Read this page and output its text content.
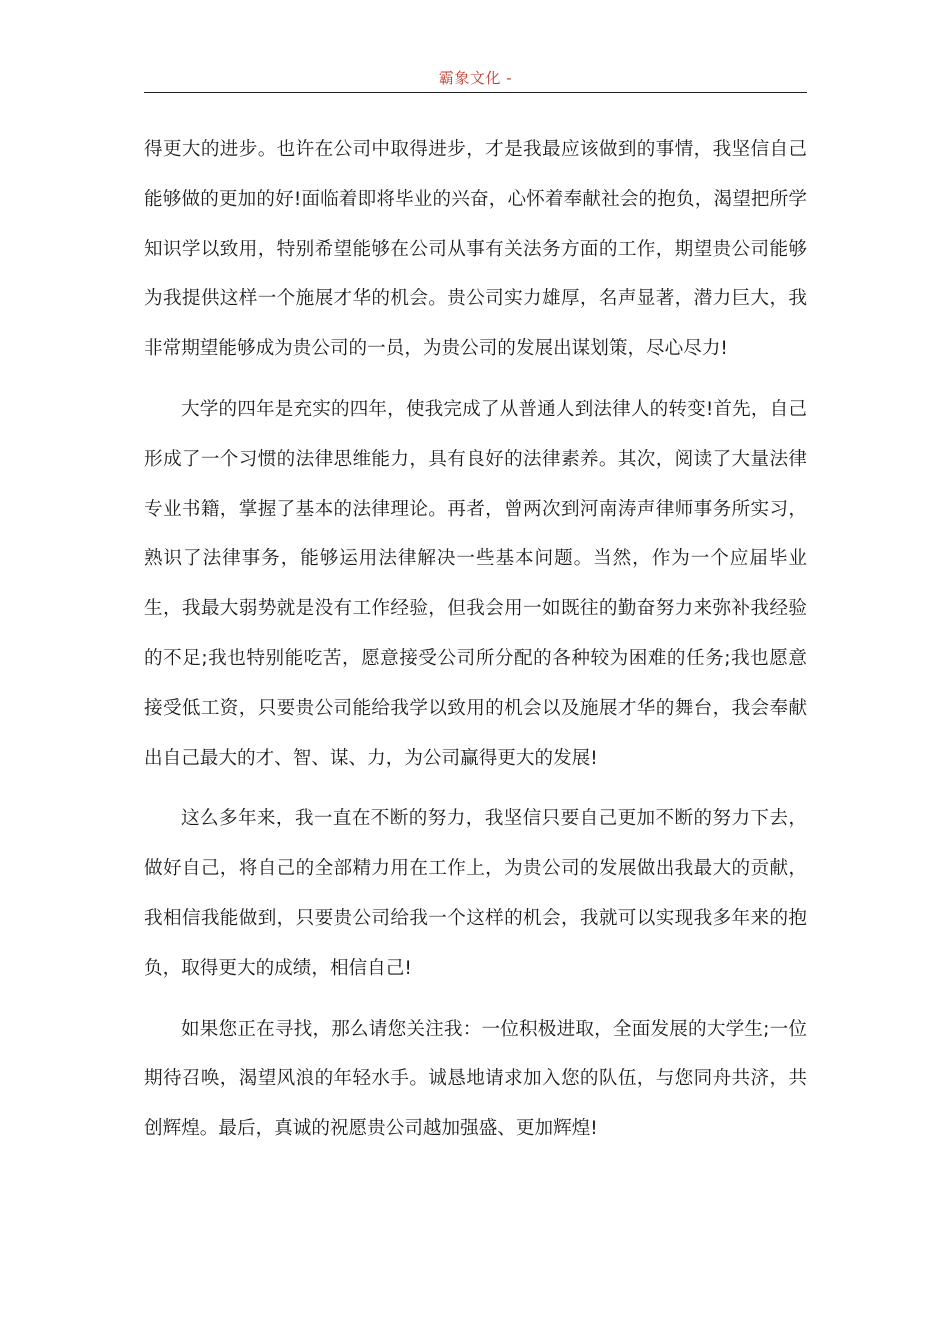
霸象文化 -

得更大的进步。也许在公司中取得进步，才是我最应该做到的事情，我坚信自己能够做的更加的好!面临着即将毕业的兴奋，心怀着奉献社会的抱负，渴望把所学知识学以致用，特别希望能够在公司从事有关法务方面的工作，期望贵公司能够为我提供这样一个施展才华的机会。贵公司实力雄厚，名声显著，潜力巨大，我非常期望能够成为贵公司的一员，为贵公司的发展出谋划策，尽心尽力!

大学的四年是充实的四年，使我完成了从普通人到法律人的转变!首先，自己形成了一个习惯的法律思维能力，具有良好的法律素养。其次，阅读了大量法律专业书籍，掌握了基本的法律理论。再者，曾两次到河南涛声律师事务所实习，熟识了法律事务，能够运用法律解决一些基本问题。当然，作为一个应届毕业生，我最大弱势就是没有工作经验，但我会用一如既往的勤奋努力来弥补我经验的不足;我也特别能吃苦，愿意接受公司所分配的各种较为困难的任务;我也愿意接受低工资，只要贵公司能给我学以致用的机会以及施展才华的舞台，我会奉献出自己最大的才、智、谋、力，为公司赢得更大的发展!

这么多年来，我一直在不断的努力，我坚信只要自己更加不断的努力下去，做好自己，将自己的全部精力用在工作上，为贵公司的发展做出我最大的贡献，我相信我能做到，只要贵公司给我一个这样的机会，我就可以实现我多年来的抱负，取得更大的成绩，相信自己!

如果您正在寻找，那么请您关注我：一位积极进取，全面发展的大学生;一位期待召唤，渴望风浪的年轻水手。诚恳地请求加入您的队伍，与您同舟共济，共创辉煌。最后，真诚的祝愿贵公司越加强盛、更加辉煌!
